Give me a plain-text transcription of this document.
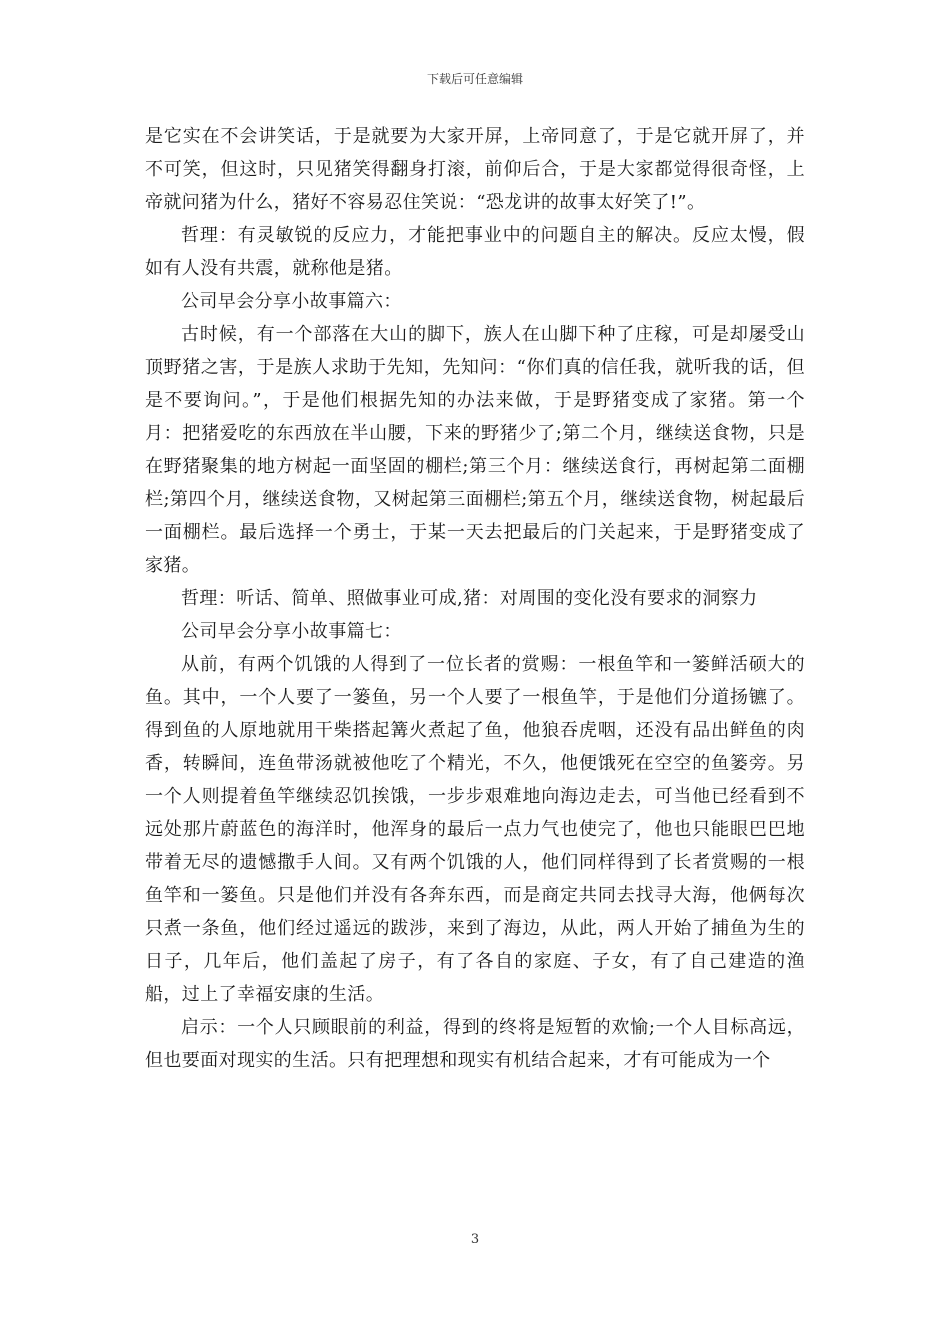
下载后可任意编辑

是它实在不会讲笑话，于是就要为大家开屏，上帝同意了，于是它就开屏了，并不可笑，但这时，只见猪笑得翻身打滚，前仰后合，于是大家都觉得很奇怪，上帝就问猪为什么，猪好不容易忍住笑说：“恐龙讲的故事太好笑了!”。

哲理：有灵敏锐的反应力，才能把事业中的问题自主的解决。反应太慢，假如有人没有共震，就称他是猪。

公司早会分享小故事篇六：

古时候，有一个部落在大山的脚下，族人在山脚下种了庄稼，可是却屡受山顶野猪之害，于是族人求助于先知，先知问：“你们真的信任我，就听我的话，但是不要询问。”，于是他们根据先知的办法来做，于是野猪变成了家猪。第一个月：把猪爱吃的东西放在半山腰，下来的野猪少了;第二个月，继续送食物，只是在野猪聚集的地方树起一面坚固的棚栏;第三个月：继续送食行，再树起第二面棚栏;第四个月，继续送食物，又树起第三面棚栏;第五个月，继续送食物，树起最后一面棚栏。最后选择一个勇士，于某一天去把最后的门关起来，于是野猪变成了家猪。

哲理：听话、简单、照做事业可成,猪：对周围的变化没有要求的洞察力

公司早会分享小故事篇七：

从前，有两个饥饿的人得到了一位长者的赏赐：一根鱼竿和一篓鲜活硕大的鱼。其中，一个人要了一篓鱼，另一个人要了一根鱼竿，于是他们分道扬镳了。得到鱼的人原地就用干柴搭起篝火煮起了鱼，他狼吞虎咽，还没有品出鲜鱼的肉香，转瞬间，连鱼带汤就被他吃了个精光，不久，他便饿死在空空的鱼篓旁。另一个人则提着鱼竿继续忍饥挨饿，一步步艰难地向海边走去，可当他已经看到不远处那片蔚蓝色的海洋时，他浑身的最后一点力气也使完了，他也只能眼巴巴地带着无尽的遗憾撒手人间。又有两个饥饿的人，他们同样得到了长者赏赐的一根鱼竿和一篓鱼。只是他们并没有各奔东西，而是商定共同去找寻大海，他俩每次只煮一条鱼，他们经过遥远的跋涉，来到了海边，从此，两人开始了捕鱼为生的日子，几年后，他们盖起了房子，有了各自的家庭、子女，有了自己建造的渔船，过上了幸福安康的生活。

启示：一个人只顾眼前的利益，得到的终将是短暂的欢愉;一个人目标高远，但也要面对现实的生活。只有把理想和现实有机结合起来，才有可能成为一个

3
